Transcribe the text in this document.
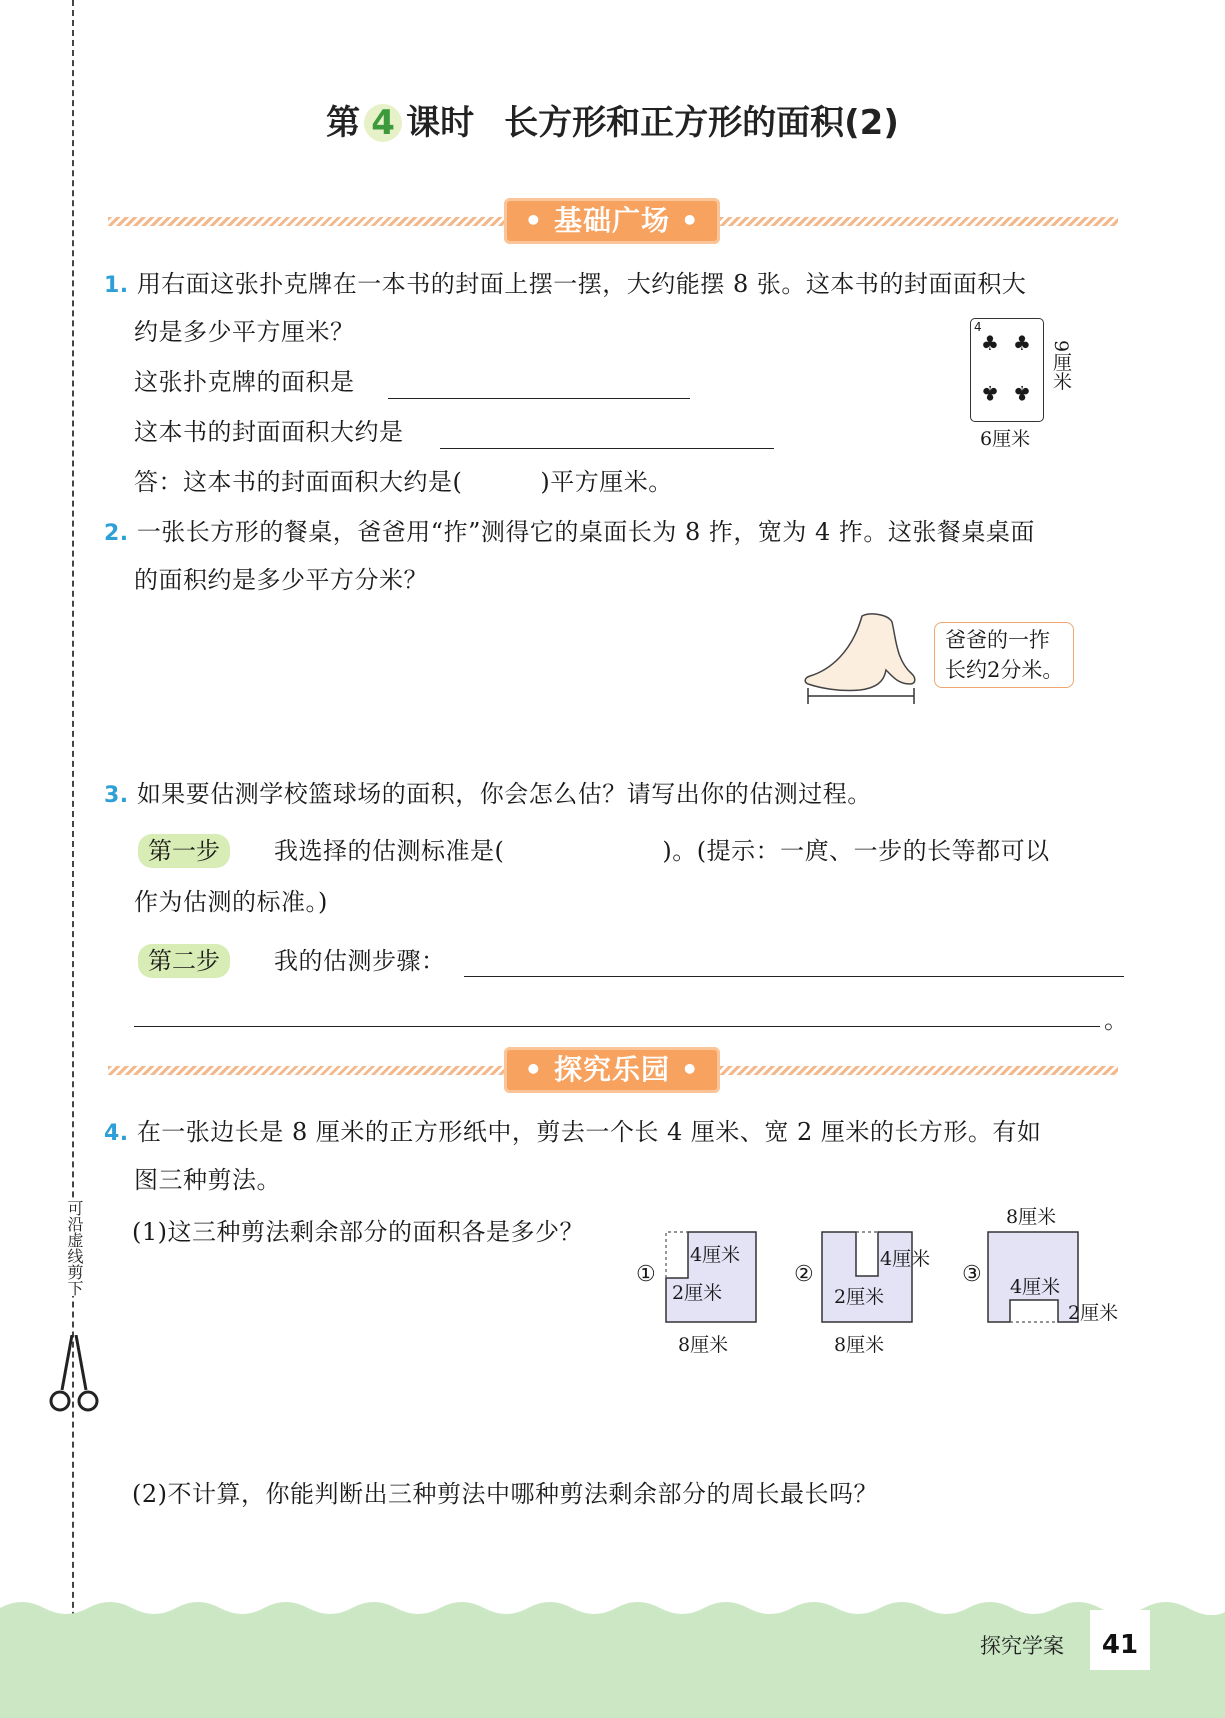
可沿虚线剪下
第 4 课时 长方形和正方形的面积(2)
• 基础广场 •
1. 用右面这张扑克牌在一本书的封面上摆一摆，大约能摆 8 张。这本书的封面面积大
约是多少平方厘米？
这张扑克牌的面积是
这本书的封面面积大约是
答：这本书的封面面积大约是(	)平方厘米。
4
♣ ♣
♣ ♣
9厘米
6厘米
2. 一张长方形的餐桌，爸爸用“拃”测得它的桌面长为 8 拃，宽为 4 拃。这张餐桌桌面
的面积约是多少平方分米？
爸爸的一拃
长约2分米。
3. 如果要估测学校篮球场的面积，你会怎么估？请写出你的估测过程。
第一步	我选择的估测标准是(	)。(提示：一庹、一步的长等都可以
作为估测的标准。)
第二步	我的估测步骤：
。
• 探究乐园 •
4. 在一张边长是 8 厘米的正方形纸中，剪去一个长 4 厘米、宽 2 厘米的长方形。有如
图三种剪法。
(1)这三种剪法剩余部分的面积各是多少？
①
4厘米
2厘米
8厘米
②
4厘米
2厘米
8厘米
③
8厘米
4厘米
2厘米
(2)不计算，你能判断出三种剪法中哪种剪法剩余部分的周长最长吗？
探究学案	41
